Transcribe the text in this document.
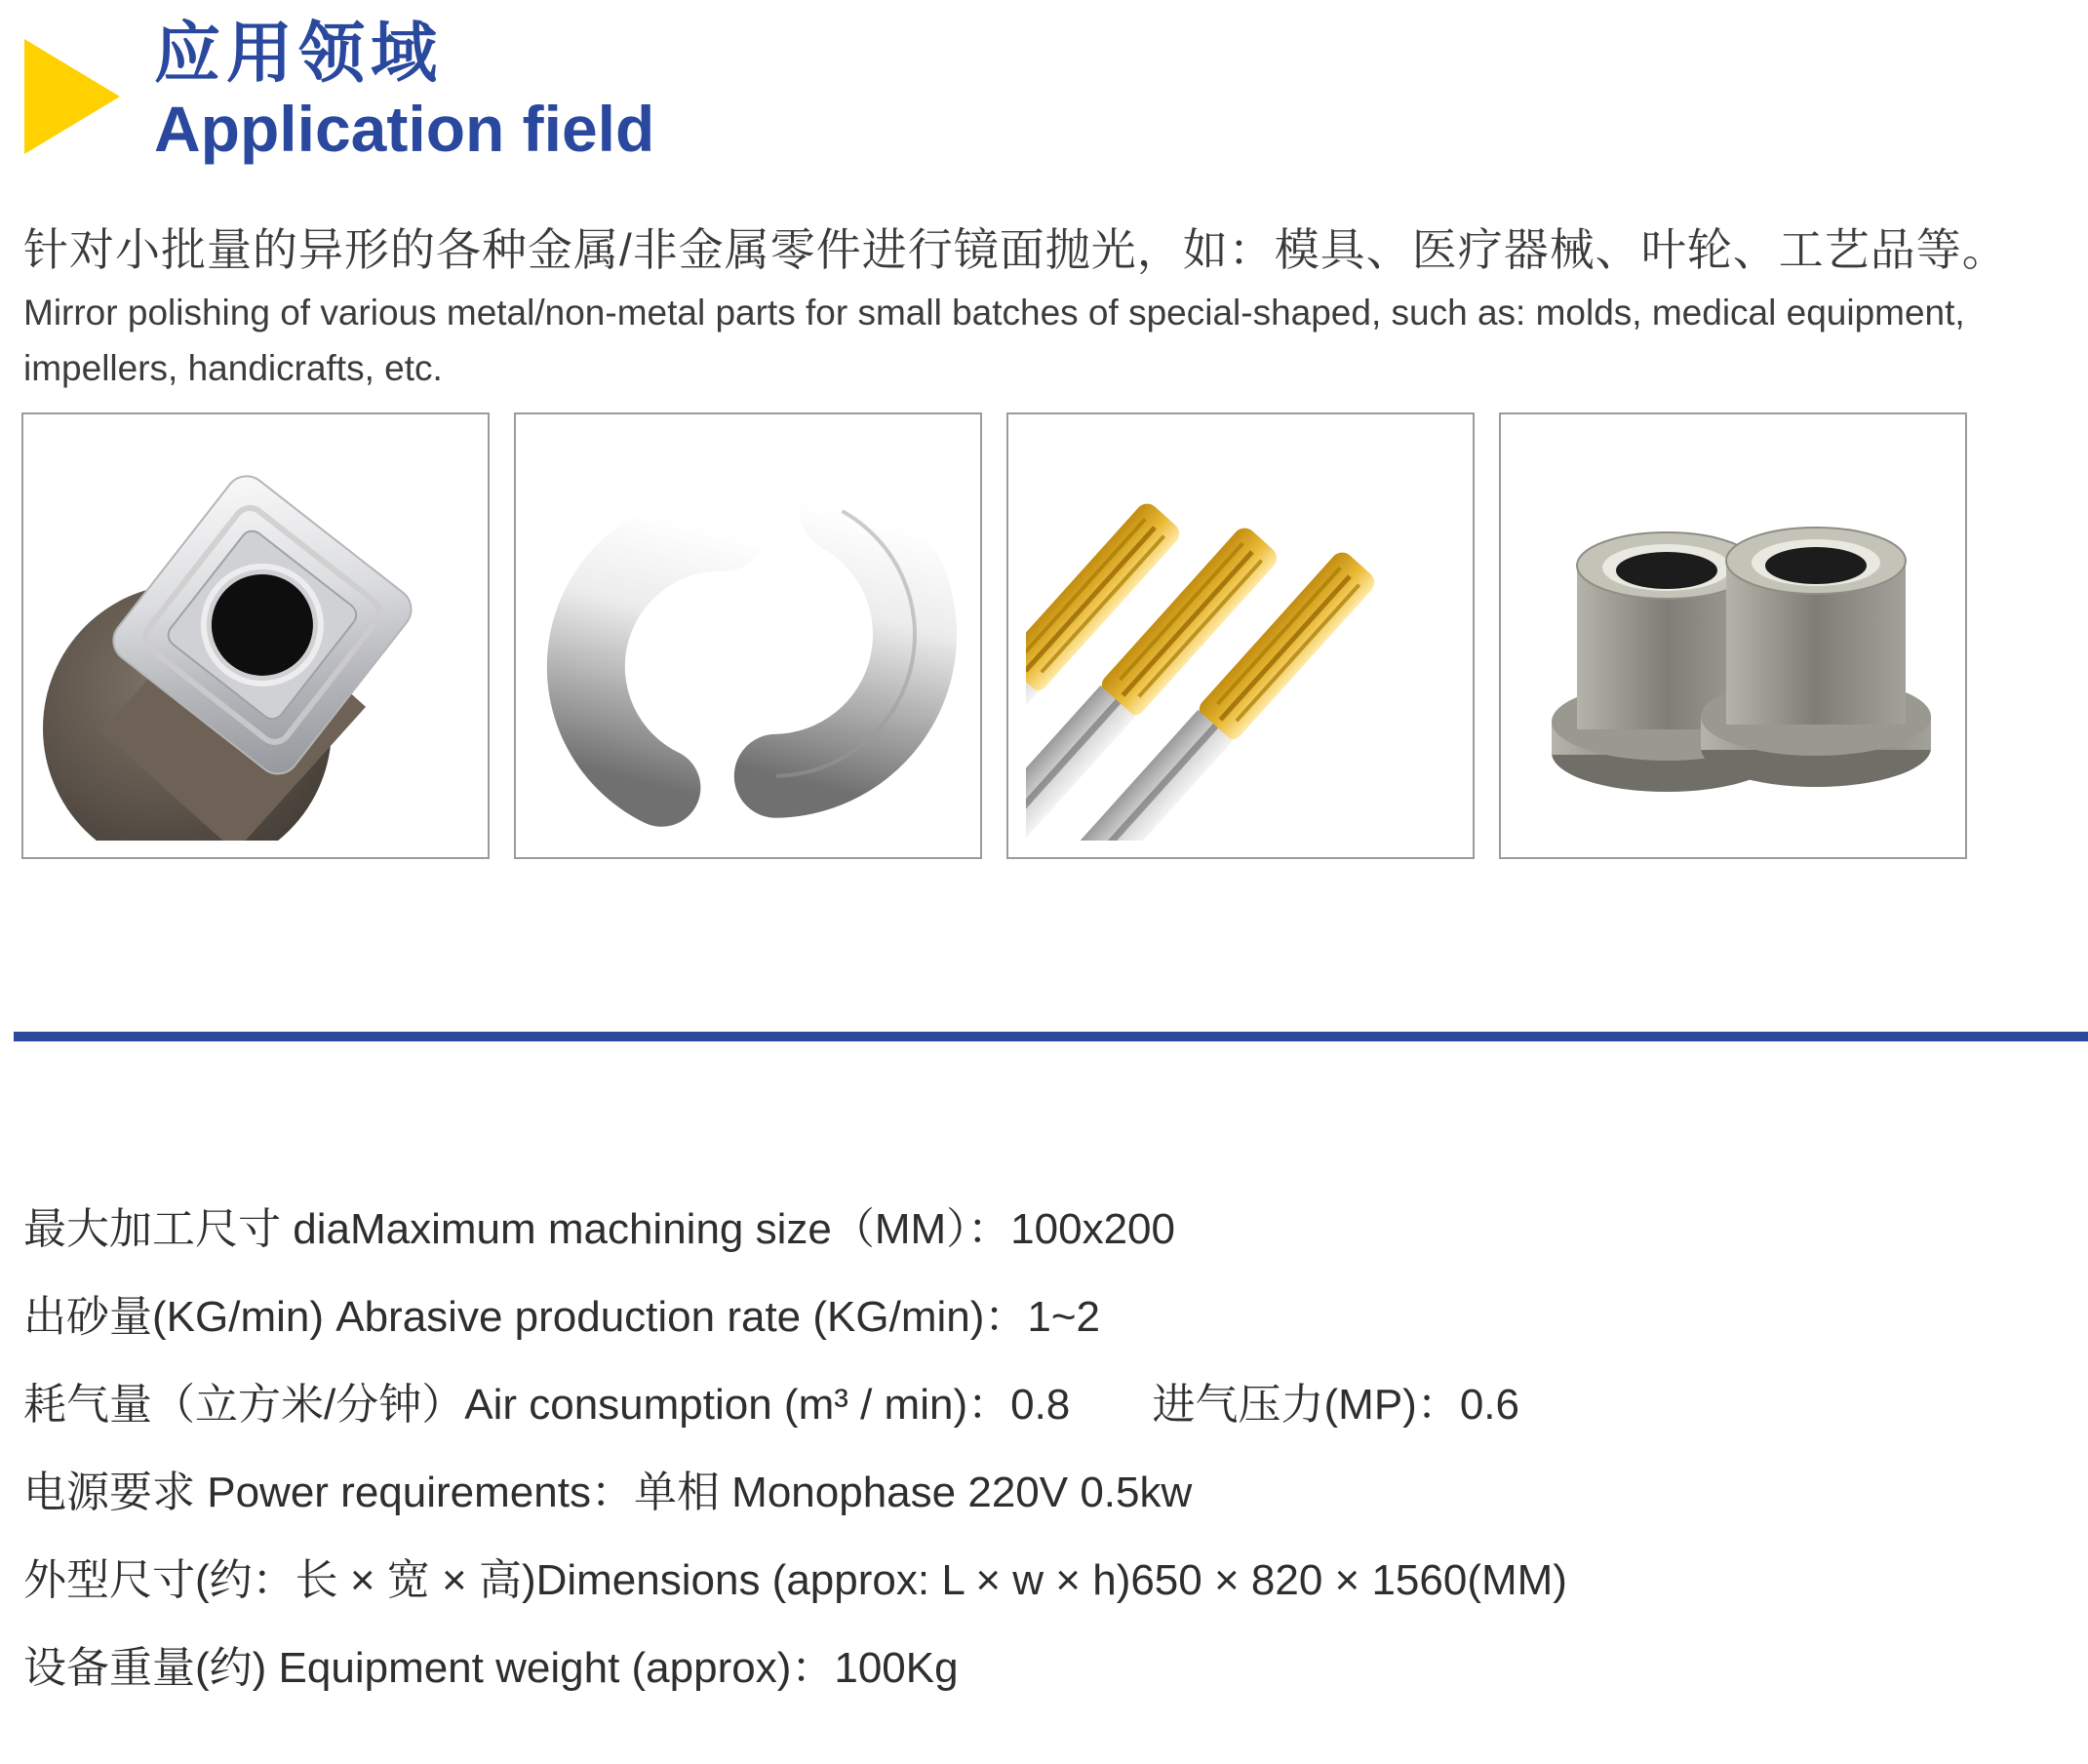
应用领域
Application field
针对小批量的异形的各种金属/非金属零件进行镜面抛光，如：模具、医疗器械、叶轮、工艺品等。
Mirror polishing of various metal/non-metal parts for small batches of special-shaped, such as: molds, medical equipment, impellers, handicrafts, etc.
最大加工尺寸 diaMaximum machining size（MM）：100x200
出砂量(KG/min) Abrasive production rate (KG/min)：1~2
耗气量（立方米/分钟）Air consumption (m³ / min)：0.8 进气压力(MP)：0.6
电源要求 Power requirements：单相 Monophase 220V 0.5kw
外型尺寸(约：长 × 宽 × 高)Dimensions (approx: L × w × h)650 × 820 × 1560(MM)
设备重量(约) Equipment weight (approx)：100Kg
